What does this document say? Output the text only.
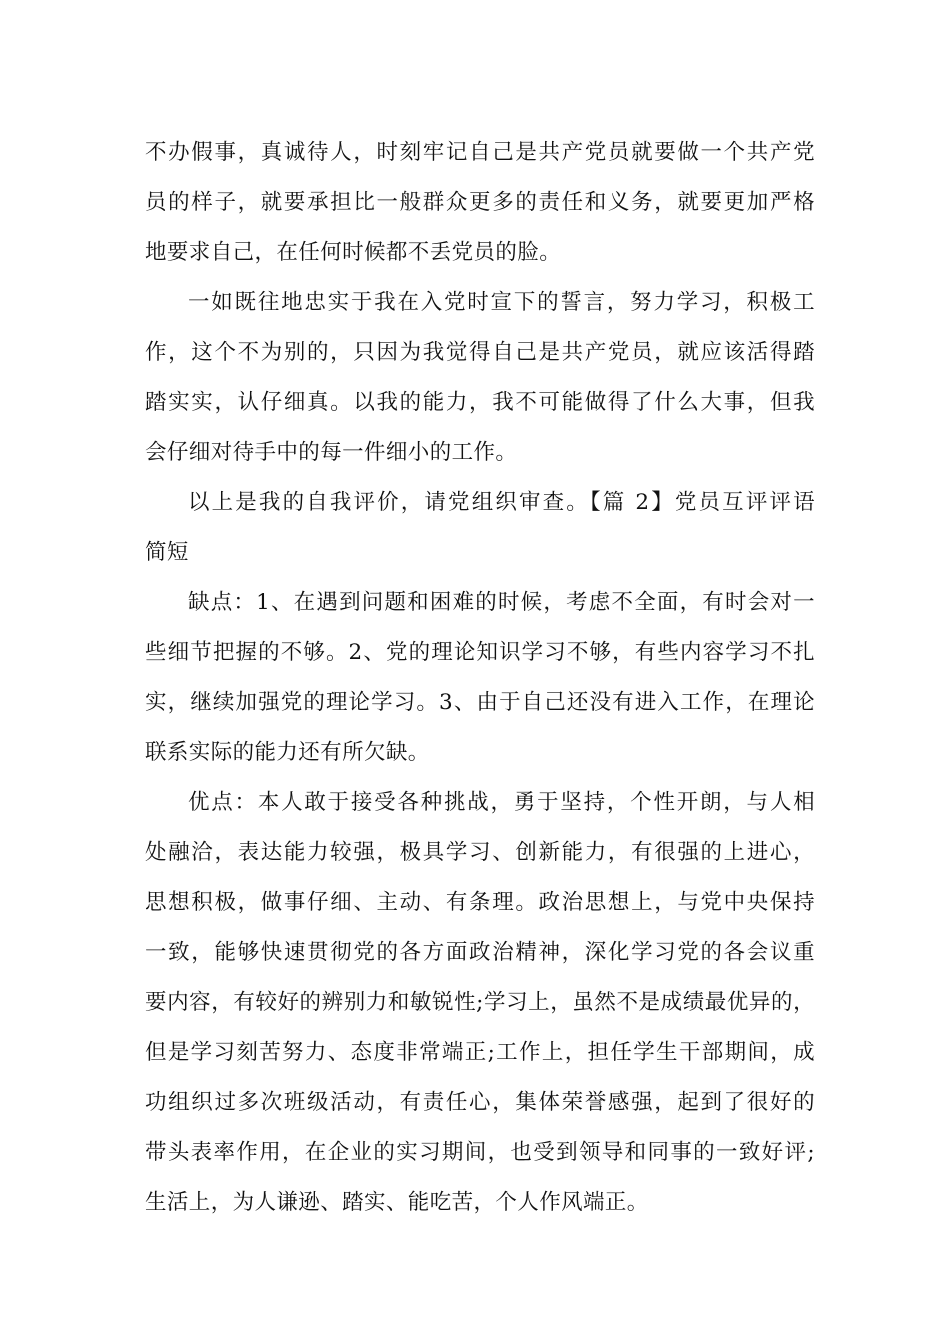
不办假事，真诚待人，时刻牢记自己是共产党员就要做一个共产党
员的样子，就要承担比一般群众更多的责任和义务，就要更加严格
地要求自己，在任何时候都不丢党员的脸。
一如既往地忠实于我在入党时宣下的誓言，努力学习，积极工
作，这个不为别的，只因为我觉得自己是共产党员，就应该活得踏
踏实实，认仔细真。以我的能力，我不可能做得了什么大事，但我
会仔细对待手中的每一件细小的工作。
以上是我的自我评价，请党组织审查。【篇 2】党员互评评语
简短
缺点：1、在遇到问题和困难的时候，考虑不全面，有时会对一
些细节把握的不够。2、党的理论知识学习不够，有些内容学习不扎
实，继续加强党的理论学习。3、由于自己还没有进入工作，在理论
联系实际的能力还有所欠缺。
优点：本人敢于接受各种挑战，勇于坚持，个性开朗，与人相
处融洽，表达能力较强，极具学习、创新能力，有很强的上进心，
思想积极，做事仔细、主动、有条理。政治思想上，与党中央保持
一致，能够快速贯彻党的各方面政治精神，深化学习党的各会议重
要内容，有较好的辨别力和敏锐性;学习上，虽然不是成绩最优异的，
但是学习刻苦努力、态度非常端正;工作上，担任学生干部期间，成
功组织过多次班级活动，有责任心，集体荣誉感强，起到了很好的
带头表率作用，在企业的实习期间，也受到领导和同事的一致好评;
生活上，为人谦逊、踏实、能吃苦，个人作风端正。
